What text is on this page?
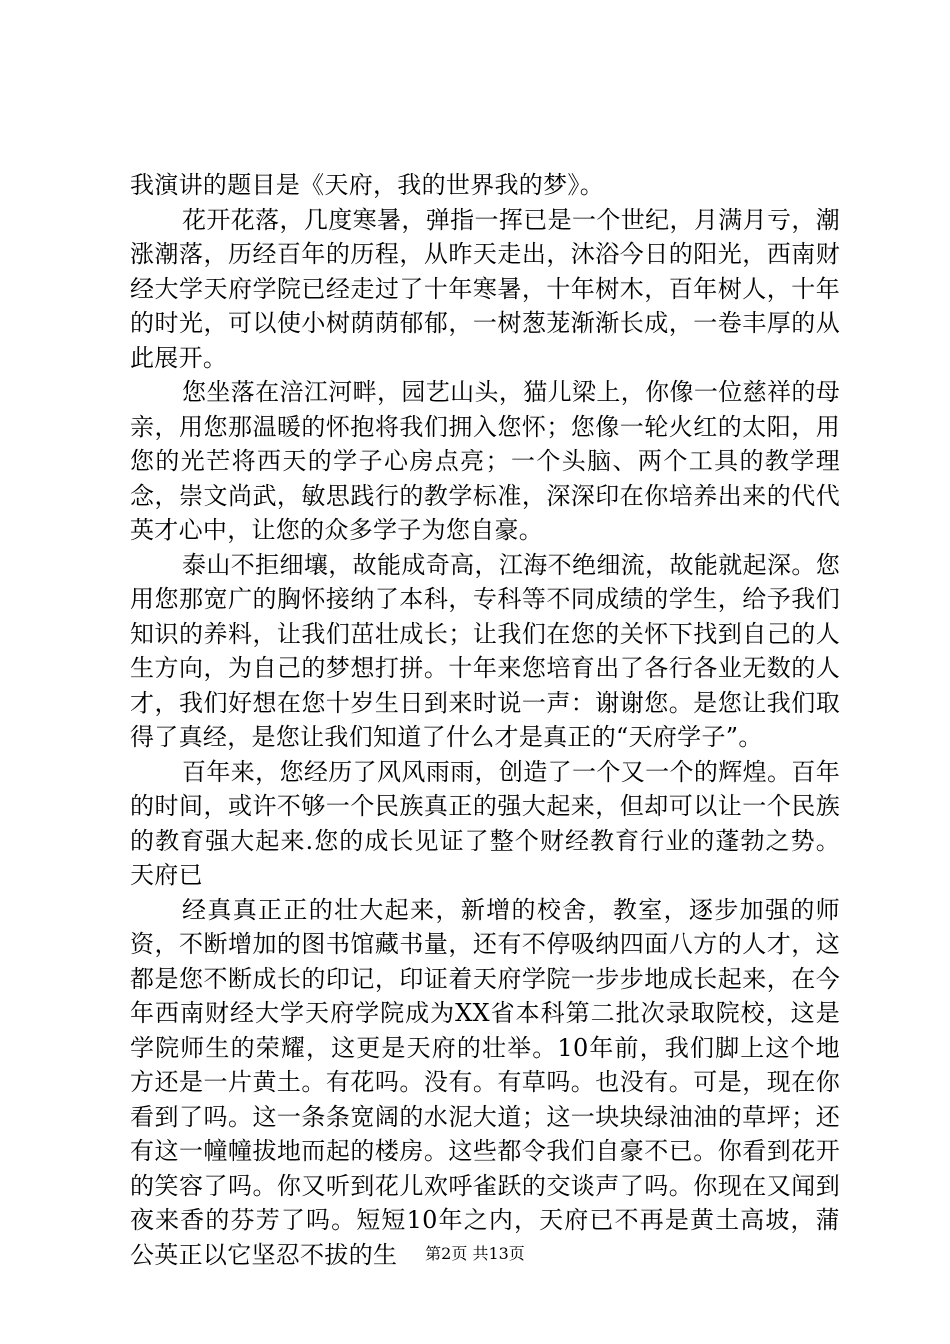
我演讲的题目是《天府，我的世界我的梦》。

花开花落，几度寒暑，弹指一挥已是一个世纪，月满月亏，潮涨潮落，历经百年的历程，从昨天走出，沐浴今日的阳光，西南财经大学天府学院已经走过了十年寒暑，十年树木，百年树人，十年的时光，可以使小树荫荫郁郁，一树葱茏渐渐长成，一卷丰厚的从此展开。

您坐落在涪江河畔，园艺山头，猫儿梁上，你像一位慈祥的母亲，用您那温暖的怀抱将我们拥入您怀；您像一轮火红的太阳，用您的光芒将西天的学子心房点亮；一个头脑、两个工具的教学理念，崇文尚武，敏思践行的教学标准，深深印在你培养出来的代代英才心中，让您的众多学子为您自豪。

泰山不拒细壤，故能成奇高，江海不绝细流，故能就起深。您用您那宽广的胸怀接纳了本科，专科等不同成绩的学生，给予我们知识的养料，让我们茁壮成长；让我们在您的关怀下找到自己的人生方向，为自己的梦想打拼。十年来您培育出了各行各业无数的人才，我们好想在您十岁生日到来时说一声：谢谢您。是您让我们取得了真经，是您让我们知道了什么才是真正的“天府学子”。

百年来，您经历了风风雨雨，创造了一个又一个的辉煌。百年的时间，或许不够一个民族真正的强大起来，但却可以让一个民族的教育强大起来.您的成长见证了整个财经教育行业的蓬勃之势。天府已

经真真正正的壮大起来，新增的校舍，教室，逐步加强的师资，不断增加的图书馆藏书量，还有不停吸纳四面八方的人才，这都是您不断成长的印记，印证着天府学院一步步地成长起来，在今年西南财经大学天府学院成为XX省本科第二批次录取院校，这是学院师生的荣耀，这更是天府的壮举。10年前，我们脚上这个地方还是一片黄土。有花吗。没有。有草吗。也没有。可是，现在你看到了吗。这一条条宽阔的水泥大道；这一块块绿油油的草坪；还有这一幢幢拔地而起的楼房。这些都令我们自豪不已。你看到花开的笑容了吗。你又听到花儿欢呼雀跃的交谈声了吗。你现在又闻到夜来香的芬芳了吗。短短10年之内，天府已不再是黄土高坡，蒲公英正以它坚忍不拔的生	第2页 共13页
